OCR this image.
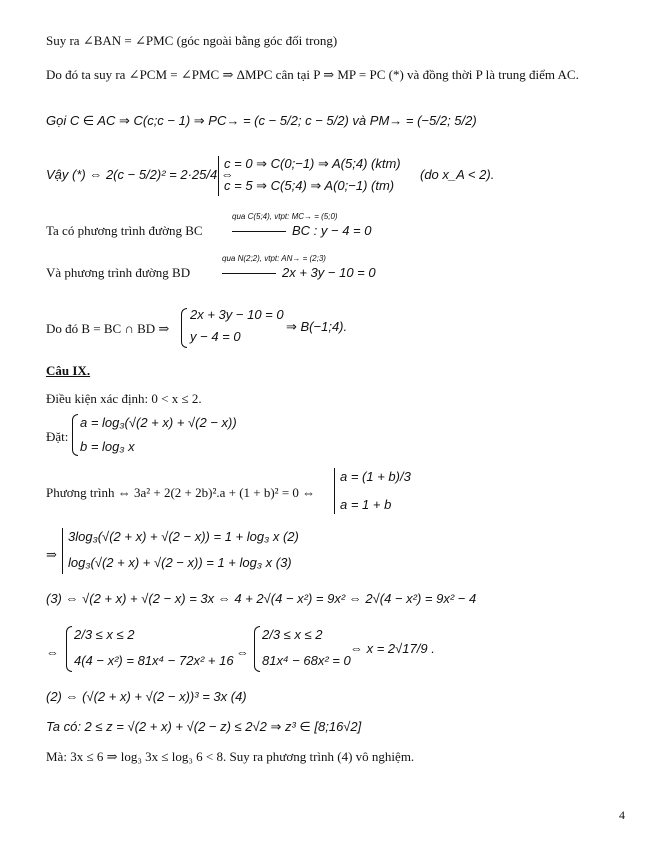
Suy ra ∠BAN = ∠PMC (góc ngoài bằng góc đối trong)
Do đó ta suy ra ∠PCM = ∠PMC ⇒ ΔMPC cân tại P ⇒ MP = PC (*) và đồng thời P là trung điểm AC.
Gọi C ∈ AC ⇒ C(c;c − 1) ⇒ PC→ = (c − 5/2; c − 5/2) và PM→ = (−5/2; 5/2)
Vậy (*) ⇔ 2(c − 5/2)² = 2·25/4 ⇔
c = 0 ⇒ C(0;−1) ⇒ A(5;4) (ktm)
c = 5 ⇒ C(5;4) ⇒ A(0;−1) (tm)
(do x_A < 2).
Ta có phương trình đường BC
qua C(5;4), vtpt: MC→ = (5;0)
BC : y − 4 = 0
Và phương trình đường BD
qua N(2;2), vtpt: AN→ = (2;3)
2x + 3y − 10 = 0
Do đó B = BC ∩ BD ⇒
2x + 3y − 10 = 0
y − 4 = 0
⇒ B(−1;4).
Câu IX.
Điều kiện xác định: 0 < x ≤ 2.
Đặt:
a = log₃(√(2 + x) + √(2 − x))
b = log₃ x
Phương trình ⇔ 3a² + 2(2 + 2b)².a + (1 + b)² = 0 ⇔
a = (1 + b)/3
a = 1 + b
⇒
3log₃(√(2 + x) + √(2 − x)) = 1 + log₃ x (2)
log₃(√(2 + x) + √(2 − x)) = 1 + log₃ x (3)
(3) ⇔ √(2 + x) + √(2 − x) = 3x ⇔ 4 + 2√(4 − x²) = 9x² ⇔ 2√(4 − x²) = 9x² − 4
⇔
2/3 ≤ x ≤ 2
4(4 − x²) = 81x⁴ − 72x² + 16
⇔
2/3 ≤ x ≤ 2
81x⁴ − 68x² = 0
⇔ x = 2√17/9 .
(2) ⇔ (√(2 + x) + √(2 − x))³ = 3x (4)
Ta có: 2 ≤ z = √(2 + x) + √(2 − z) ≤ 2√2 ⇒ z³ ∈ [8;16√2]
Mà: 3x ≤ 6 ⇒ log₃ 3x ≤ log₃ 6 < 8. Suy ra phương trình (4) vô nghiệm.
4
